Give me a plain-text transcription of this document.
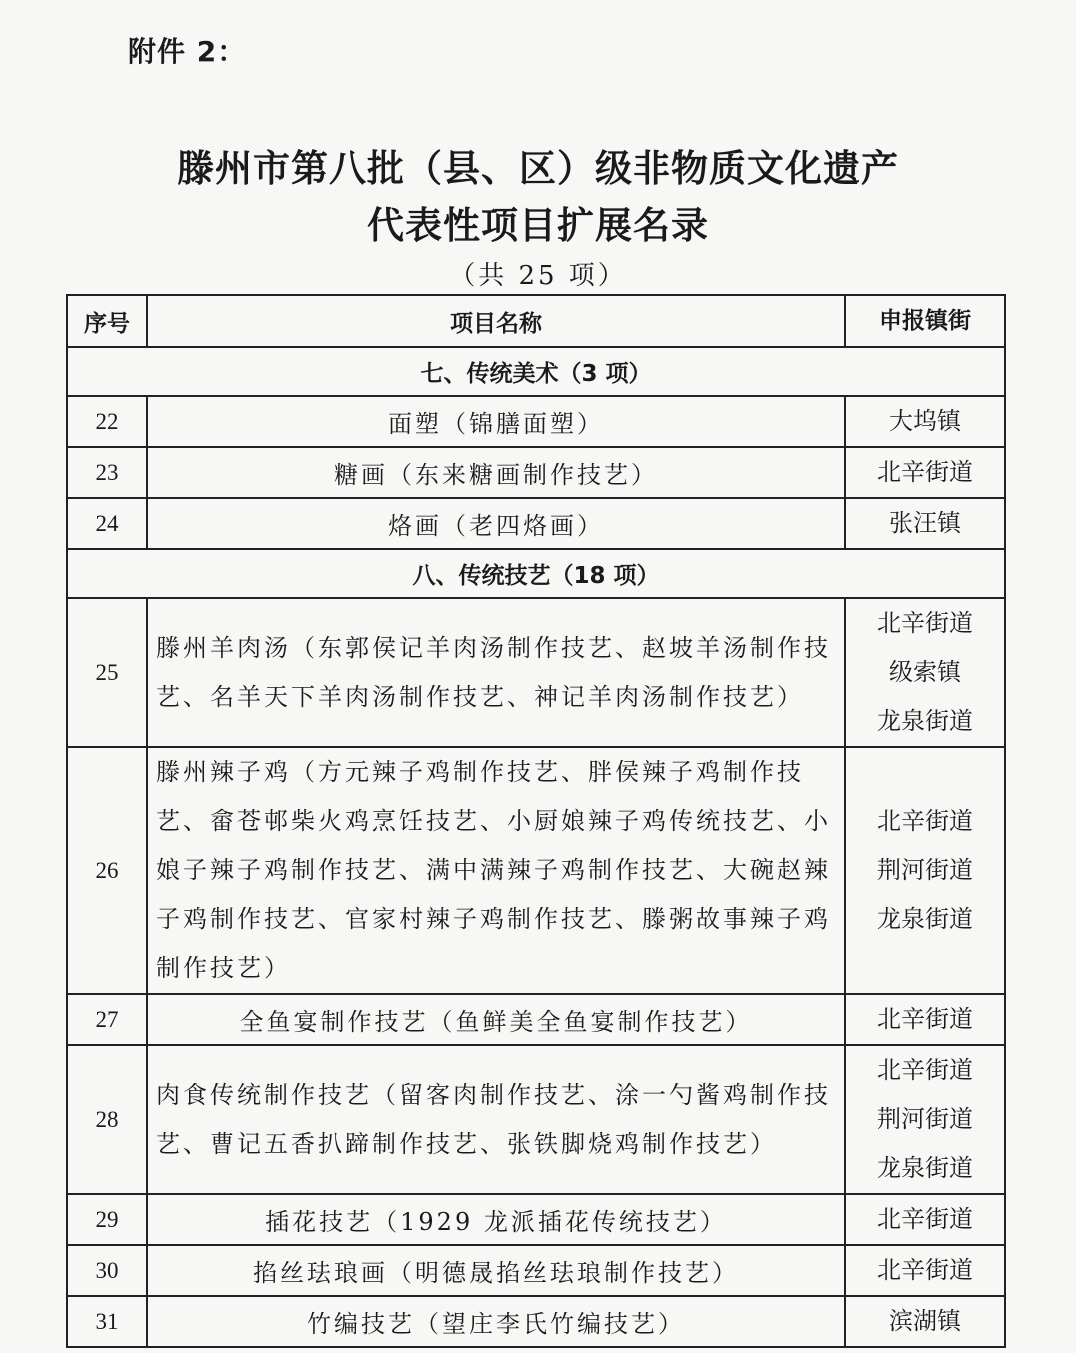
附件 2：
滕州市第八批（县、区）级非物质文化遗产
代表性项目扩展名录
（共 25 项）
序号	项目名称	申报镇街
七、传统美术（3 项）		
22	面塑（锦膳面塑）	大坞镇

23	糖画（东来糖画制作技艺）	北辛街道

24	烙画（老四烙画）	张汪镇

八、传统技艺（18 项）		
25	滕州羊肉汤（东郭侯记羊肉汤制作技艺、赵坡羊汤制作技艺、名羊天下羊肉汤制作技艺、神记羊肉汤制作技艺）	北辛街道
级索镇
龙泉街道

26	滕州辣子鸡（方元辣子鸡制作技艺、胖侯辣子鸡制作技艺、畲苍邨柴火鸡烹饪技艺、小厨娘辣子鸡传统技艺、小娘子辣子鸡制作技艺、满中满辣子鸡制作技艺、大碗赵辣子鸡制作技艺、官家村辣子鸡制作技艺、滕粥故事辣子鸡制作技艺）	北辛街道
荆河街道
龙泉街道

27	全鱼宴制作技艺（鱼鲜美全鱼宴制作技艺）	北辛街道

28	肉食传统制作技艺（留客肉制作技艺、涂一勺酱鸡制作技艺、曹记五香扒蹄制作技艺、张铁脚烧鸡制作技艺）	北辛街道
荆河街道
龙泉街道

29	插花技艺（1929 龙派插花传统技艺）	北辛街道

30	掐丝珐琅画（明德晟掐丝珐琅制作技艺）	北辛街道

31	竹编技艺（望庄李氏竹编技艺）	滨湖镇
